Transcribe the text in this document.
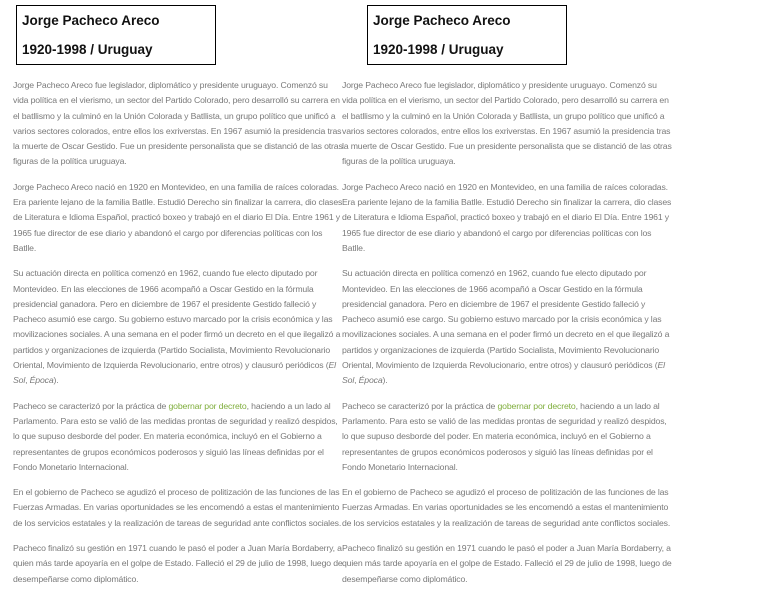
Jorge Pacheco Areco
1920-1998 / Uruguay

Jorge Pacheco Areco fue legislador, diplomático y presidente uruguayo. Comenzó su vida política en el vierismo, un sector del Partido Colorado, pero desarrolló su carrera en el batllismo y la culminó en la Unión Colorada y Batllista, un grupo político que unificó a varios sectores colorados, entre ellos los exriverstas. En 1967 asumió la presidencia tras la muerte de Oscar Gestido. Fue un presidente personalista que se distanció de las otras figuras de la política uruguaya.

Jorge Pacheco Areco nació en 1920 en Montevideo, en una familia de raíces coloradas. Era pariente lejano de la familia Batlle. Estudió Derecho sin finalizar la carrera, dio clases de Literatura e Idioma Español, practicó boxeo y trabajó en el diario El Día. Entre 1961 y 1965 fue director de ese diario y abandonó el cargo por diferencias políticas con los Batlle.

Su actuación directa en política comenzó en 1962, cuando fue electo diputado por Montevideo. En las elecciones de 1966 acompañó a Oscar Gestido en la fórmula presidencial ganadora. Pero en diciembre de 1967 el presidente Gestido falleció y Pacheco asumió ese cargo. Su gobierno estuvo marcado por la crisis económica y las movilizaciones sociales. A una semana en el poder firmó un decreto en el que ilegalizó a partidos y organizaciones de izquierda (Partido Socialista, Movimiento Revolucionario Oriental, Movimiento de Izquierda Revolucionario, entre otros) y clausuró periódicos (El Sol, Época).

Pacheco se caracterizó por la práctica de gobernar por decreto, haciendo a un lado al Parlamento. Para esto se valió de las medidas prontas de seguridad y realizó despidos, lo que supuso desborde del poder. En materia económica, incluyó en el Gobierno a representantes de grupos económicos poderosos y siguió las líneas definidas por el Fondo Monetario Internacional.

En el gobierno de Pacheco se agudizó el proceso de politización de las funciones de las Fuerzas Armadas. En varias oportunidades se les encomendó a estas el mantenimiento de los servicios estatales y la realización de tareas de seguridad ante conflictos sociales.

Pacheco finalizó su gestión en 1971 cuando le pasó el poder a Juan María Bordaberry, a quien más tarde apoyaría en el golpe de Estado. Falleció el 29 de julio de 1998, luego de desempeñarse como diplomático.

Jorge Pacheco Areco
1920-1998 / Uruguay

Jorge Pacheco Areco fue legislador, diplomático y presidente uruguayo. Comenzó su vida política en el vierismo, un sector del Partido Colorado, pero desarrolló su carrera en el batllismo y la culminó en la Unión Colorada y Batllista, un grupo político que unificó a varios sectores colorados, entre ellos los exriverstas. En 1967 asumió la presidencia tras la muerte de Oscar Gestido. Fue un presidente personalista que se distanció de las otras figuras de la política uruguaya.

Jorge Pacheco Areco nació en 1920 en Montevideo, en una familia de raíces coloradas. Era pariente lejano de la familia Batlle. Estudió Derecho sin finalizar la carrera, dio clases de Literatura e Idioma Español, practicó boxeo y trabajó en el diario El Día. Entre 1961 y 1965 fue director de ese diario y abandonó el cargo por diferencias políticas con los Batlle.

Su actuación directa en política comenzó en 1962, cuando fue electo diputado por Montevideo. En las elecciones de 1966 acompañó a Oscar Gestido en la fórmula presidencial ganadora. Pero en diciembre de 1967 el presidente Gestido falleció y Pacheco asumió ese cargo. Su gobierno estuvo marcado por la crisis económica y las movilizaciones sociales. A una semana en el poder firmó un decreto en el que ilegalizó a partidos y organizaciones de izquierda (Partido Socialista, Movimiento Revolucionario Oriental, Movimiento de Izquierda Revolucionario, entre otros) y clausuró periódicos (El Sol, Época).

Pacheco se caracterizó por la práctica de gobernar por decreto, haciendo a un lado al Parlamento. Para esto se valió de las medidas prontas de seguridad y realizó despidos, lo que supuso desborde del poder. En materia económica, incluyó en el Gobierno a representantes de grupos económicos poderosos y siguió las líneas definidas por el Fondo Monetario Internacional.

En el gobierno de Pacheco se agudizó el proceso de politización de las funciones de las Fuerzas Armadas. En varias oportunidades se les encomendó a estas el mantenimiento de los servicios estatales y la realización de tareas de seguridad ante conflictos sociales.

Pacheco finalizó su gestión en 1971 cuando le pasó el poder a Juan María Bordaberry, a quien más tarde apoyaría en el golpe de Estado. Falleció el 29 de julio de 1998, luego de desempeñarse como diplomático.
